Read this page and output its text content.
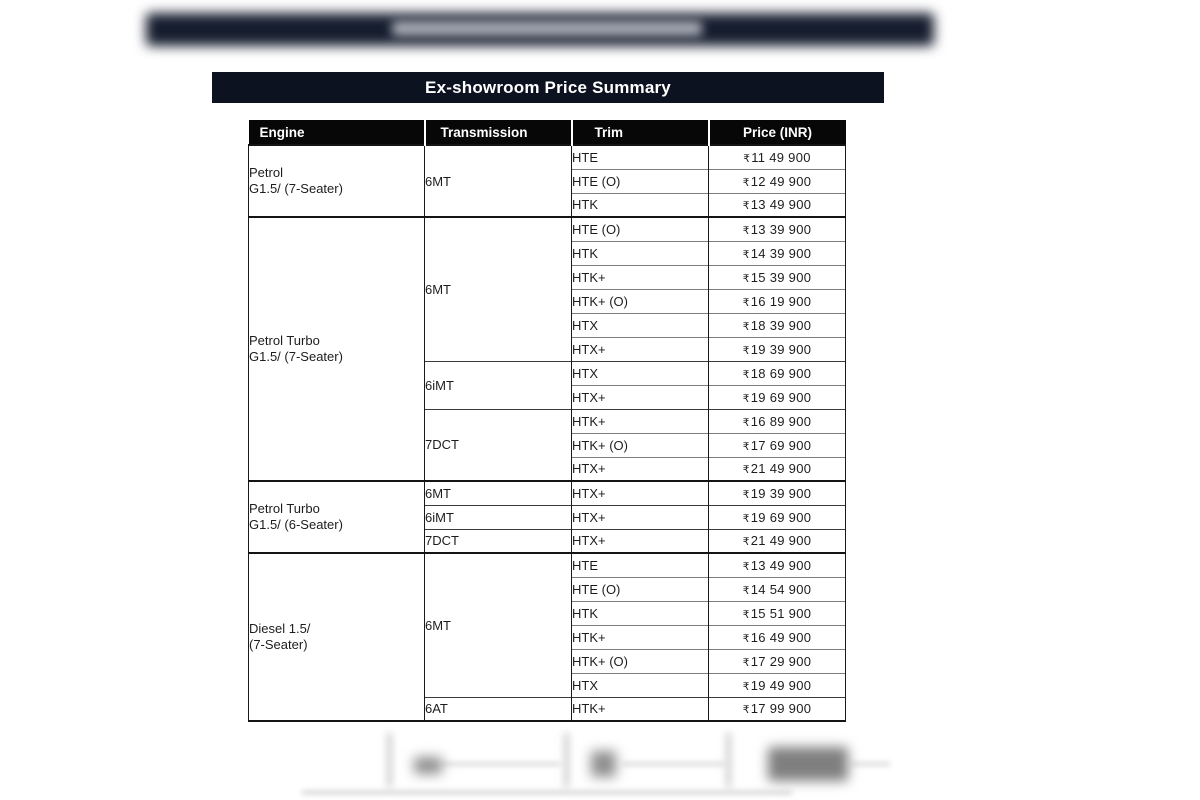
Ex-showroom Price Summary
Engine	Transmission	Trim	Price (INR)

Petrol
G1.5/ (7-Seater)	6MT	HTE	₹11 49 900
		HTE (O)	₹12 49 900
		HTK	₹13 49 900

Petrol Turbo
G1.5/ (7-Seater)	6MT	HTE (O)	₹13 39 900
		HTK	₹14 39 900
		HTK+	₹15 39 900
		HTK+ (O)	₹16 19 900
		HTX	₹18 39 900
		HTX+	₹19 39 900
	6iMT	HTX	₹18 69 900
		HTX+	₹19 69 900
	7DCT	HTK+	₹16 89 900
		HTK+ (O)	₹17 69 900
		HTX+	₹21 49 900

Petrol Turbo
G1.5/ (6-Seater)	6MT	HTX+	₹19 39 900
	6iMT	HTX+	₹19 69 900
	7DCT	HTX+	₹21 49 900

Diesel 1.5/
(7-Seater)	6MT	HTE	₹13 49 900
		HTE (O)	₹14 54 900
		HTK	₹15 51 900
		HTK+	₹16 49 900
		HTK+ (O)	₹17 29 900
		HTX	₹19 49 900
	6AT	HTK+	₹17 99 900
